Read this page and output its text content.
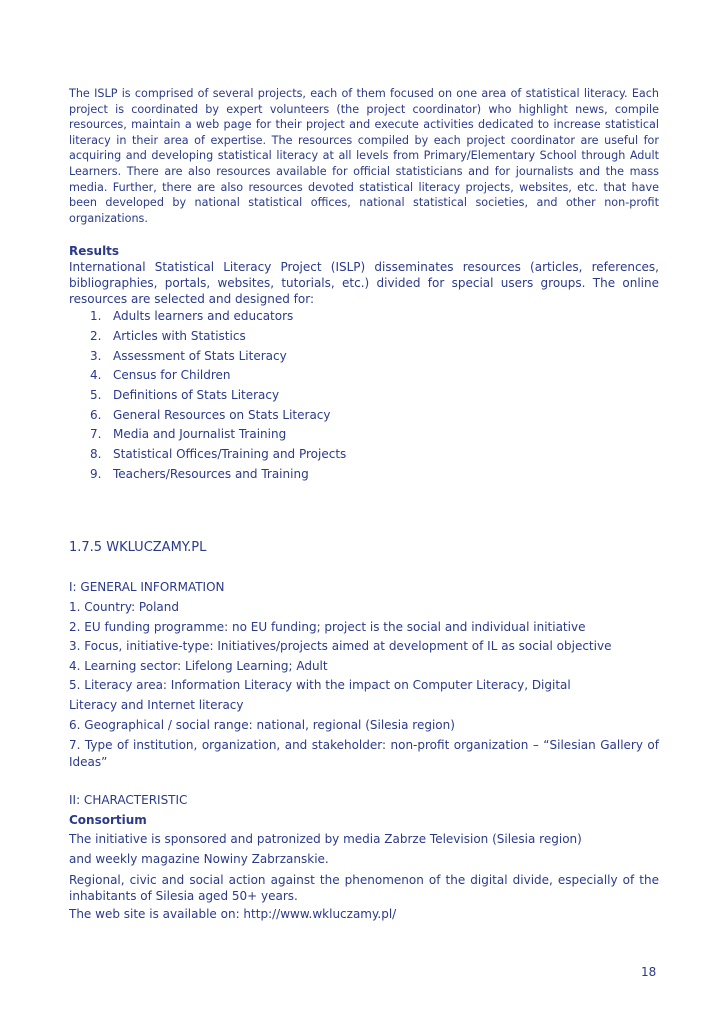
The ISLP is comprised of several projects, each of them focused on one area of statistical literacy. Each project is coordinated by expert volunteers (the project coordinator) who highlight news, compile resources, maintain a web page for their project and execute activities dedicated to increase statistical literacy in their area of expertise. The resources compiled by each project coordinator are useful for acquiring and developing statistical literacy at all levels from Primary/Elementary School through Adult Learners. There are also resources available for official statisticians and for journalists and the mass media. Further, there are also resources devoted statistical literacy projects, websites, etc. that have been developed by national statistical offices, national statistical societies, and other non-profit organizations.

Results

International Statistical Literacy Project (ISLP) disseminates resources (articles, references, bibliographies, portals, websites, tutorials, etc.) divided for special users groups. The online resources are selected and designed for:

1. Adults learners and educators
2. Articles with Statistics
3. Assessment of Stats Literacy
4. Census for Children
5. Definitions of Stats Literacy
6. General Resources on Stats Literacy
7. Media and Journalist Training
8. Statistical Offices/Training and Projects
9. Teachers/Resources and Training
1.7.5 WKLUCZAMY.PL

I: GENERAL INFORMATION

1. Country: Poland

2. EU funding programme: no EU funding; project is the social and individual initiative

3. Focus, initiative-type: Initiatives/projects aimed at development of IL as social objective

4. Learning sector: Lifelong Learning; Adult

5. Literacy area: Information Literacy with the impact on Computer Literacy, Digital

Literacy and Internet literacy

6. Geographical / social range: national, regional (Silesia region)

7. Type of institution, organization, and stakeholder: non-profit organization – “Silesian Gallery of Ideas”

II: CHARACTERISTIC

Consortium

The initiative is sponsored and patronized by media Zabrze Television (Silesia region)

and weekly magazine Nowiny Zabrzanskie.

Regional, civic and social action against the phenomenon of the digital divide, especially of the inhabitants of Silesia aged 50+ years.

The web site is available on: http://www.wkluczamy.pl/

18
